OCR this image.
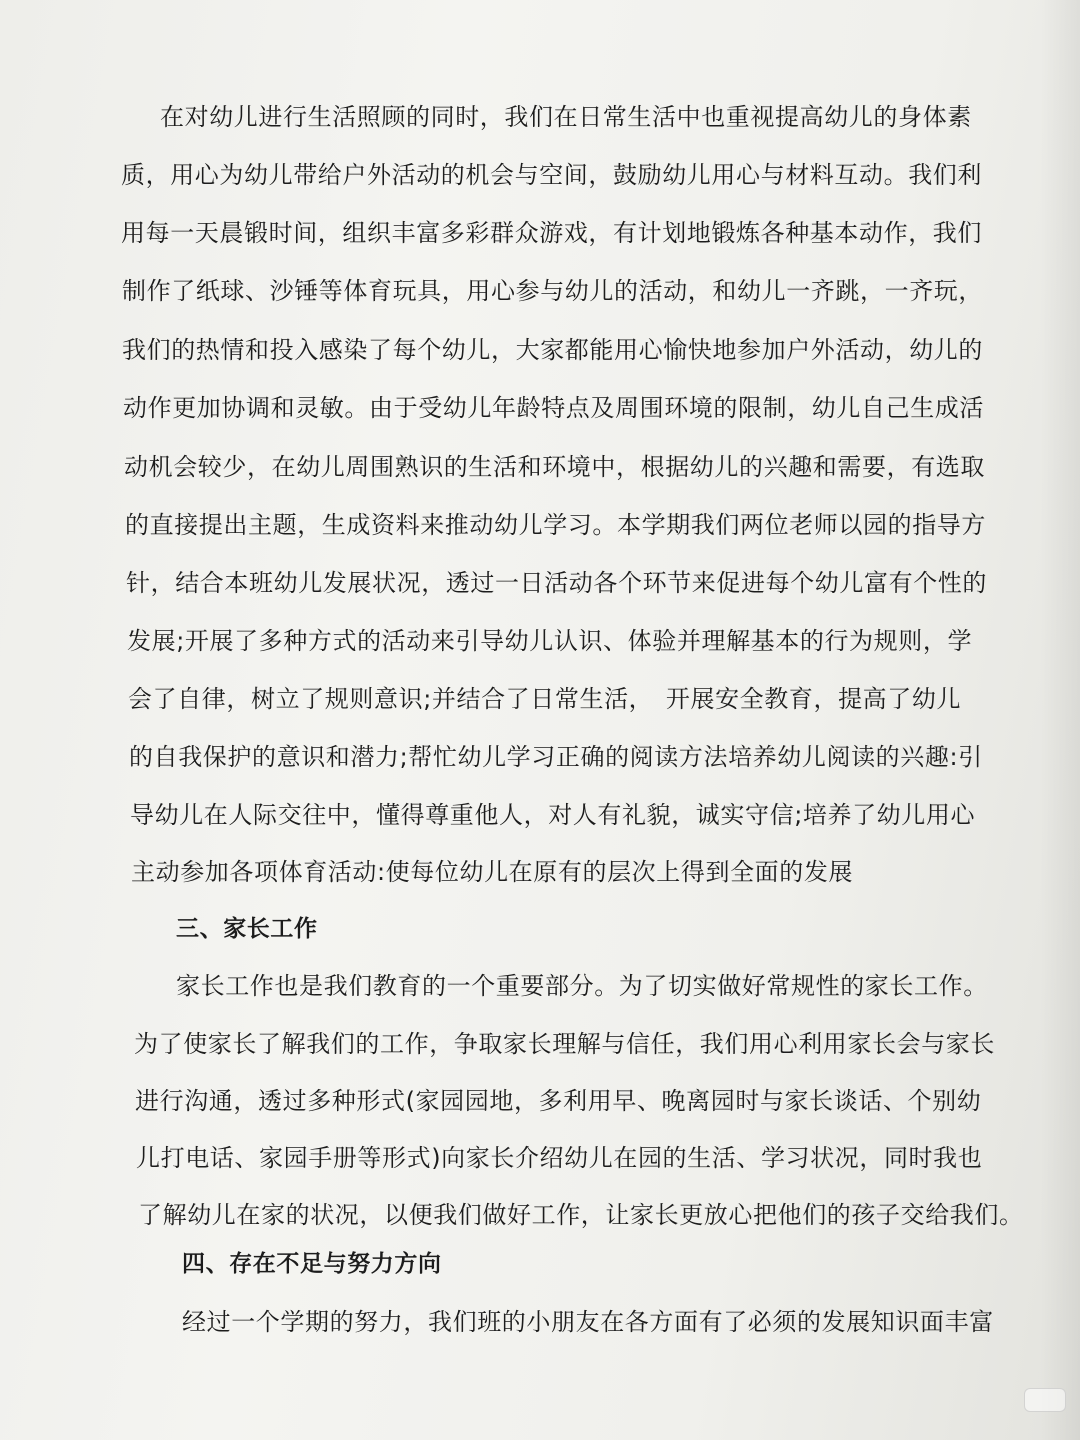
在对幼儿进行生活照顾的同时，我们在日常生活中也重视提高幼儿的身体素
质，用心为幼儿带给户外活动的机会与空间，鼓励幼儿用心与材料互动。我们利
用每一天晨锻时间，组织丰富多彩群众游戏，有计划地锻炼各种基本动作，我们
制作了纸球、沙锤等体育玩具，用心参与幼儿的活动，和幼儿一齐跳，一齐玩，
我们的热情和投入感染了每个幼儿，大家都能用心愉快地参加户外活动，幼儿的
动作更加协调和灵敏。由于受幼儿年龄特点及周围环境的限制，幼儿自己生成活
动机会较少，在幼儿周围熟识的生活和环境中，根据幼儿的兴趣和需要，有选取
的直接提出主题，生成资料来推动幼儿学习。本学期我们两位老师以园的指导方
针，结合本班幼儿发展状况，透过一日活动各个环节来促进每个幼儿富有个性的
发展;开展了多种方式的活动来引导幼儿认识、体验并理解基本的行为规则，学
会了自律，树立了规则意识;并结合了日常生活，　开展安全教育，提高了幼儿
的自我保护的意识和潜力;帮忙幼儿学习正确的阅读方法培养幼儿阅读的兴趣:引
导幼儿在人际交往中，懂得尊重他人，对人有礼貌，诚实守信;培养了幼儿用心
主动参加各项体育活动:使每位幼儿在原有的层次上得到全面的发展
三、家长工作
家长工作也是我们教育的一个重要部分。为了切实做好常规性的家长工作。
为了使家长了解我们的工作，争取家长理解与信任，我们用心利用家长会与家长
进行沟通，透过多种形式(家园园地，多利用早、晚离园时与家长谈话、个别幼
儿打电话、家园手册等形式)向家长介绍幼儿在园的生活、学习状况，同时我也
了解幼儿在家的状况，以便我们做好工作，让家长更放心把他们的孩子交给我们。
四、存在不足与努力方向
经过一个学期的努力，我们班的小朋友在各方面有了必须的发展知识面丰富
